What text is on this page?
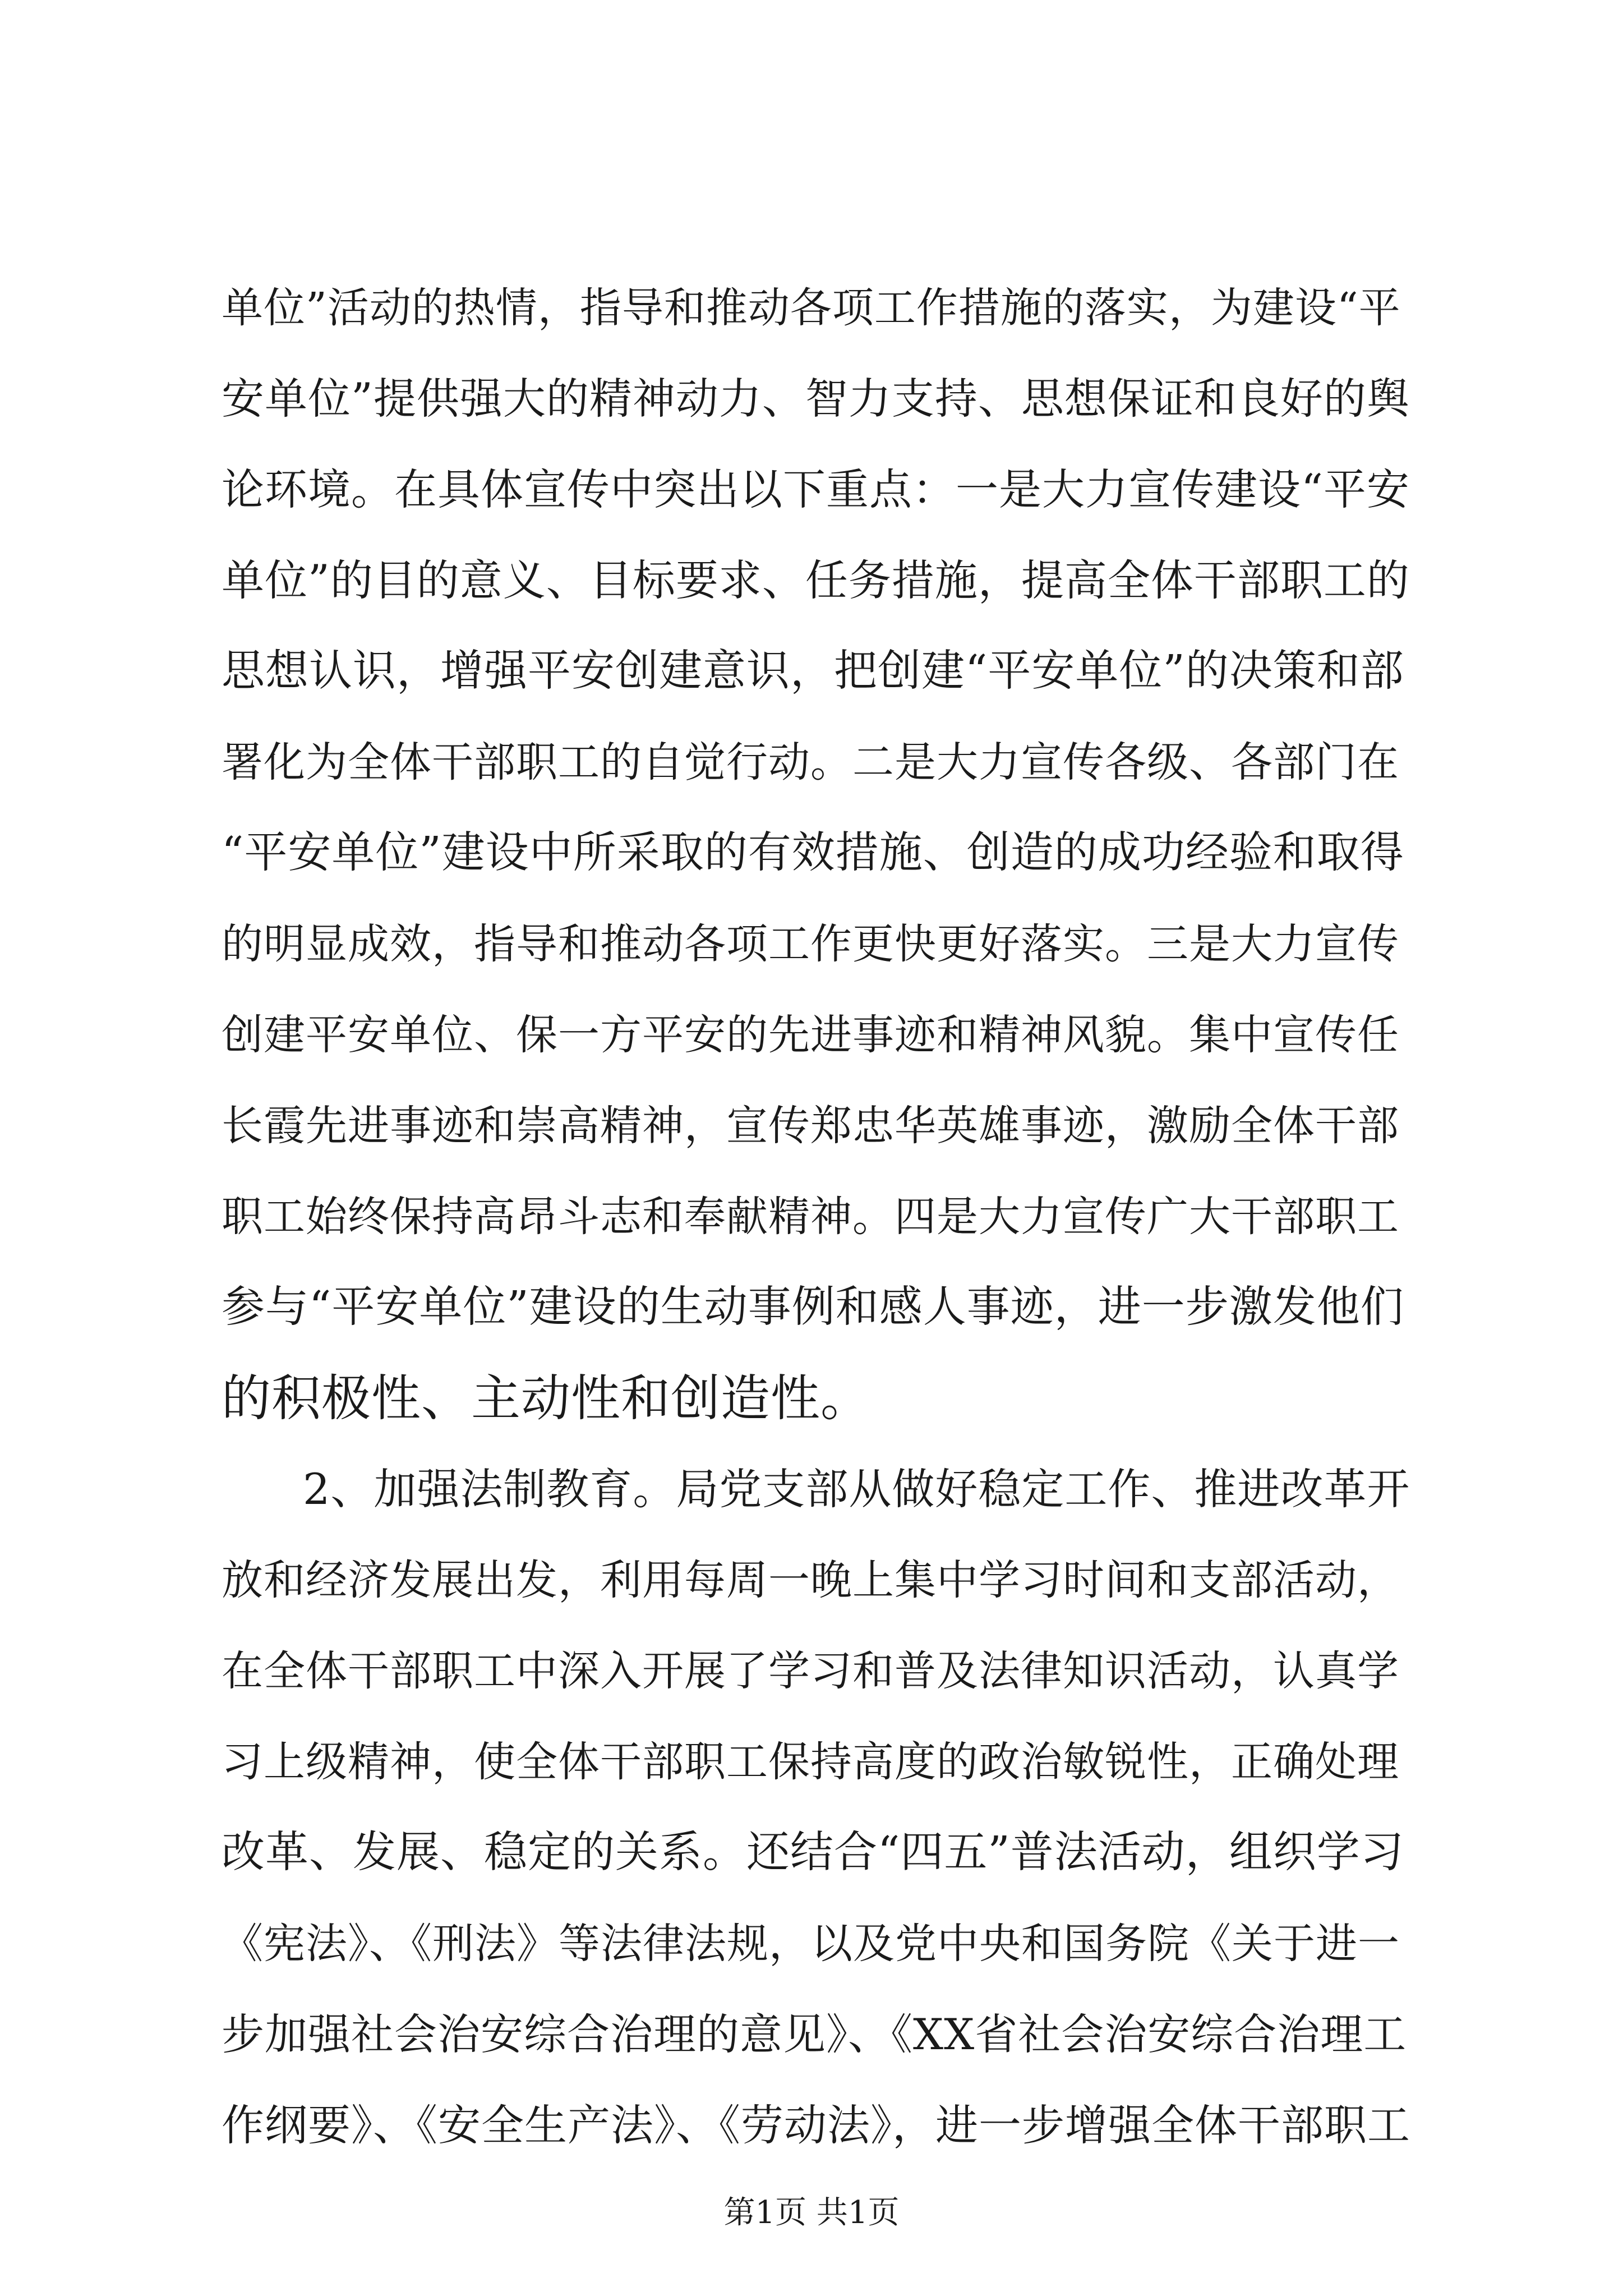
单位”活动的热情，指导和推动各项工作措施的落实，为建设“平
安单位”提供强大的精神动力、智力支持、思想保证和良好的舆
论环境。在具体宣传中突出以下重点：一是大力宣传建设“平安
单位”的目的意义、目标要求、任务措施，提高全体干部职工的
思想认识，增强平安创建意识，把创建“平安单位”的决策和部
署化为全体干部职工的自觉行动。二是大力宣传各级、各部门在
“平安单位”建设中所采取的有效措施、创造的成功经验和取得
的明显成效，指导和推动各项工作更快更好落实。三是大力宣传
创建平安单位、保一方平安的先进事迹和精神风貌。集中宣传任
长霞先进事迹和崇高精神，宣传郑忠华英雄事迹，激励全体干部
职工始终保持高昂斗志和奉献精神。四是大力宣传广大干部职工
参与“平安单位”建设的生动事例和感人事迹，进一步激发他们
的积极性、主动性和创造性。
2、加强法制教育。局党支部从做好稳定工作、推进改革开
放和经济发展出发，利用每周一晚上集中学习时间和支部活动，
在全体干部职工中深入开展了学习和普及法律知识活动，认真学
习上级精神，使全体干部职工保持高度的政治敏锐性，正确处理
改革、发展、稳定的关系。还结合“四五”普法活动，组织学习
《宪法》、《刑法》等法律法规，以及党中央和国务院《关于进一
步加强社会治安综合治理的意见》、《XX省社会治安综合治理工
作纲要》、《安全生产法》、《劳动法》，进一步增强全体干部职工
第1页 共1页
